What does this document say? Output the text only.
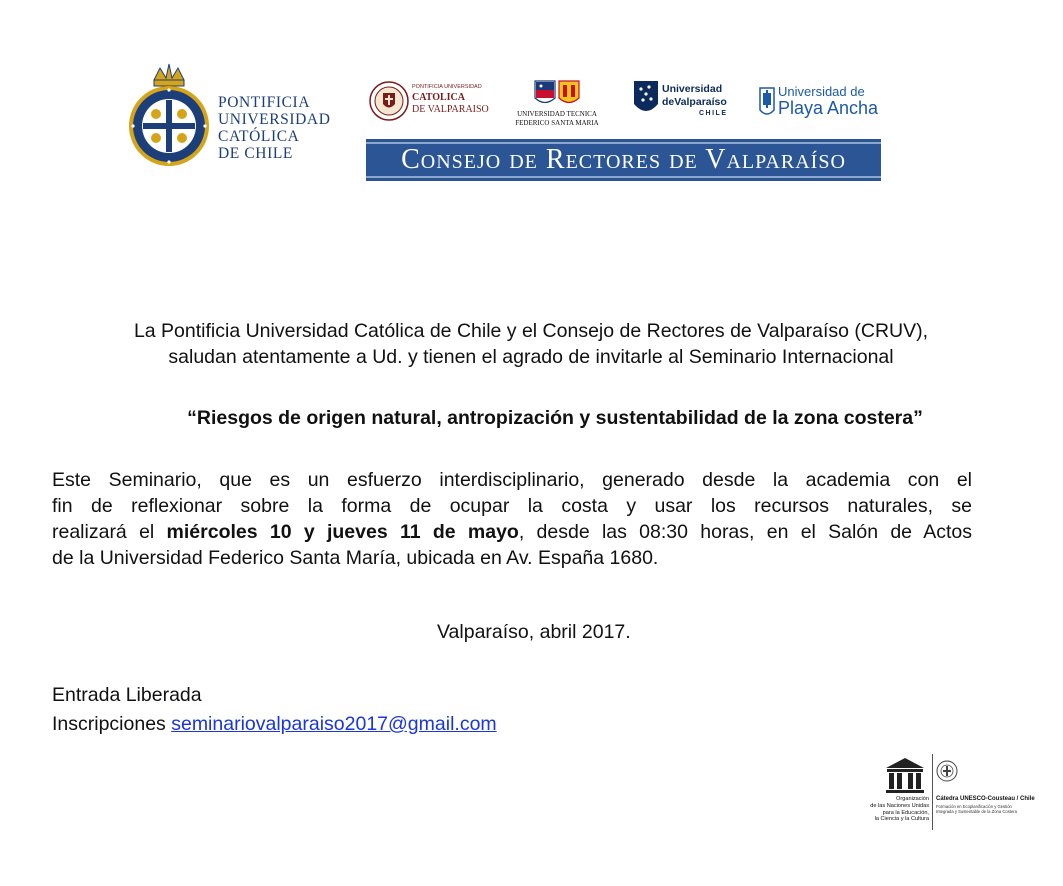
PONTIFICIA
UNIVERSIDAD
CATÓLICA
DE CHILE
PONTIFICIA UNIVERSIDAD
CATOLICA
DE VALPARAISO	UNIVERSIDAD TECNICA
FEDERICO SANTA MARIA
Universidad
deValparaíso
CHILE
Universidad de
Playa Ancha
Consejo de Rectores de Valparaíso
La Pontificia Universidad Católica de Chile y el Consejo de Rectores de Valparaíso (CRUV),
saludan atentamente a Ud. y tienen el agrado de invitarle al Seminario Internacional
“Riesgos de origen natural, antropización y sustentabilidad de la zona costera”
Este Seminario, que es un esfuerzo interdisciplinario, generado desde la academia con el
fin de reflexionar sobre la forma de ocupar la costa y usar los recursos naturales, se
realizará el miércoles 10 y jueves 11 de mayo, desde las 08:30 horas, en el Salón de Actos
de la Universidad Federico Santa María, ubicada en Av. España 1680.
Valparaíso, abril 2017.
Entrada Liberada
Inscripciones seminariovalparaiso2017@gmail.com
Organización
de las Naciones Unidas
para la Educación,
la Ciencia y la Cultura
Cátedra UNESCO-Cousteau / Chile
Formación en Ecoplanificación y Gestión
Integrada y Sustentable de la Zona Costera
